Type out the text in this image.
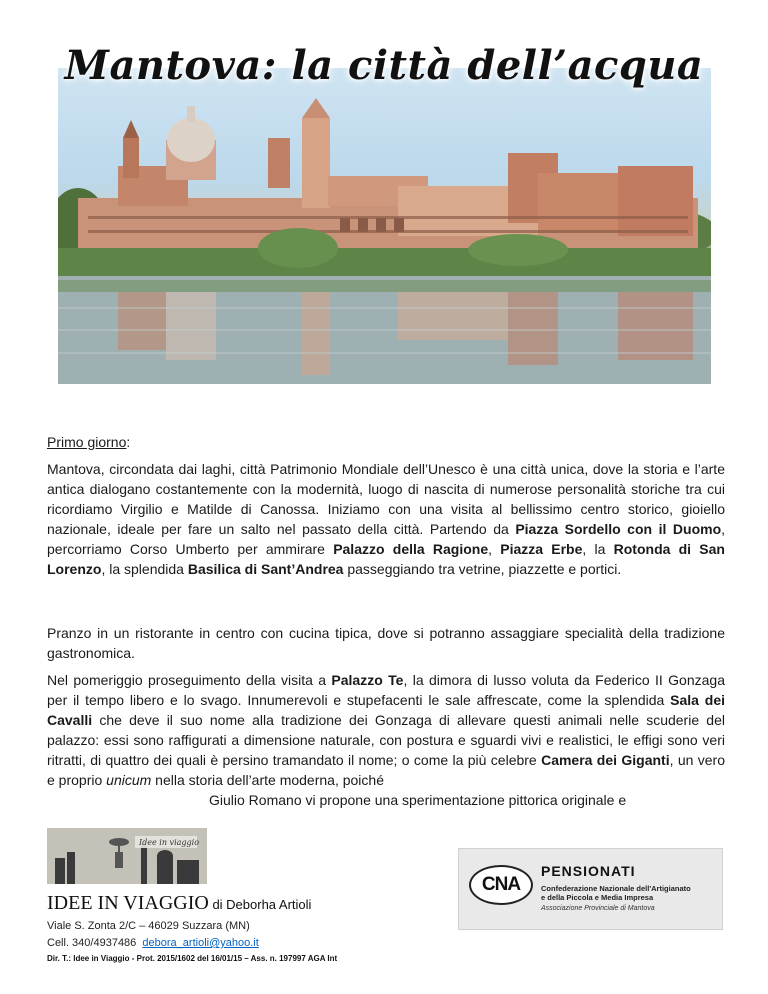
Mantova: la città dell’acqua

Primo giorno:

Mantova, circondata dai laghi, città Patrimonio Mondiale dell’Unesco è una città unica, dove la storia e l’arte antica dialogano costantemente con la modernità, luogo di nascita di numerose personalità storiche tra cui ricordiamo Virgilio e Matilde di Canossa. Iniziamo con una visita al bellissimo centro storico, gioiello nazionale, ideale per fare un salto nel passato della città. Partendo da Piazza Sordello con il Duomo, percorriamo Corso Umberto per ammirare Palazzo della Ragione, Piazza Erbe, la Rotonda di San Lorenzo, la splendida Basilica di Sant’Andrea passeggiando tra vetrine, piazzette e portici.

Pranzo in un ristorante in centro con cucina tipica, dove si potranno assaggiare specialità della tradizione gastronomica.

Nel pomeriggio proseguimento della visita a Palazzo Te, la dimora di lusso voluta da Federico II Gonzaga per il tempo libero e lo svago. Innumerevoli e stupefacenti le sale affrescate, come la splendida Sala dei Cavalli che deve il suo nome alla tradizione dei Gonzaga di allevare questi animali nelle scuderie del palazzo: essi sono raffigurati a dimensione naturale, con postura e sguardi vivi e realistici, le effigi sono veri ritratti, di quattro dei quali è persino tramandato il nome; o come la più celebre Camera dei Giganti, un vero e proprio unicum nella storia dell’arte moderna, poiché
Giulio Romano vi propone una sperimentazione pittorica originale e

Idee in viaggio
IDEE IN VIAGGIO di Deborha Artioli
Viale S. Zonta 2/C – 46029 Suzzara (MN)
Cell. 340/4937486  debora_artioli@yahoo.it
Dir. T.: Idee in Viaggio - Prot. 2015/1602 del 16/01/15 – Ass. n. 197997 AGA Int
CNA
PENSIONATI
Confederazione Nazionale dell'Artigianato
e della Piccola e Media Impresa
Associazione Provinciale di Mantova
